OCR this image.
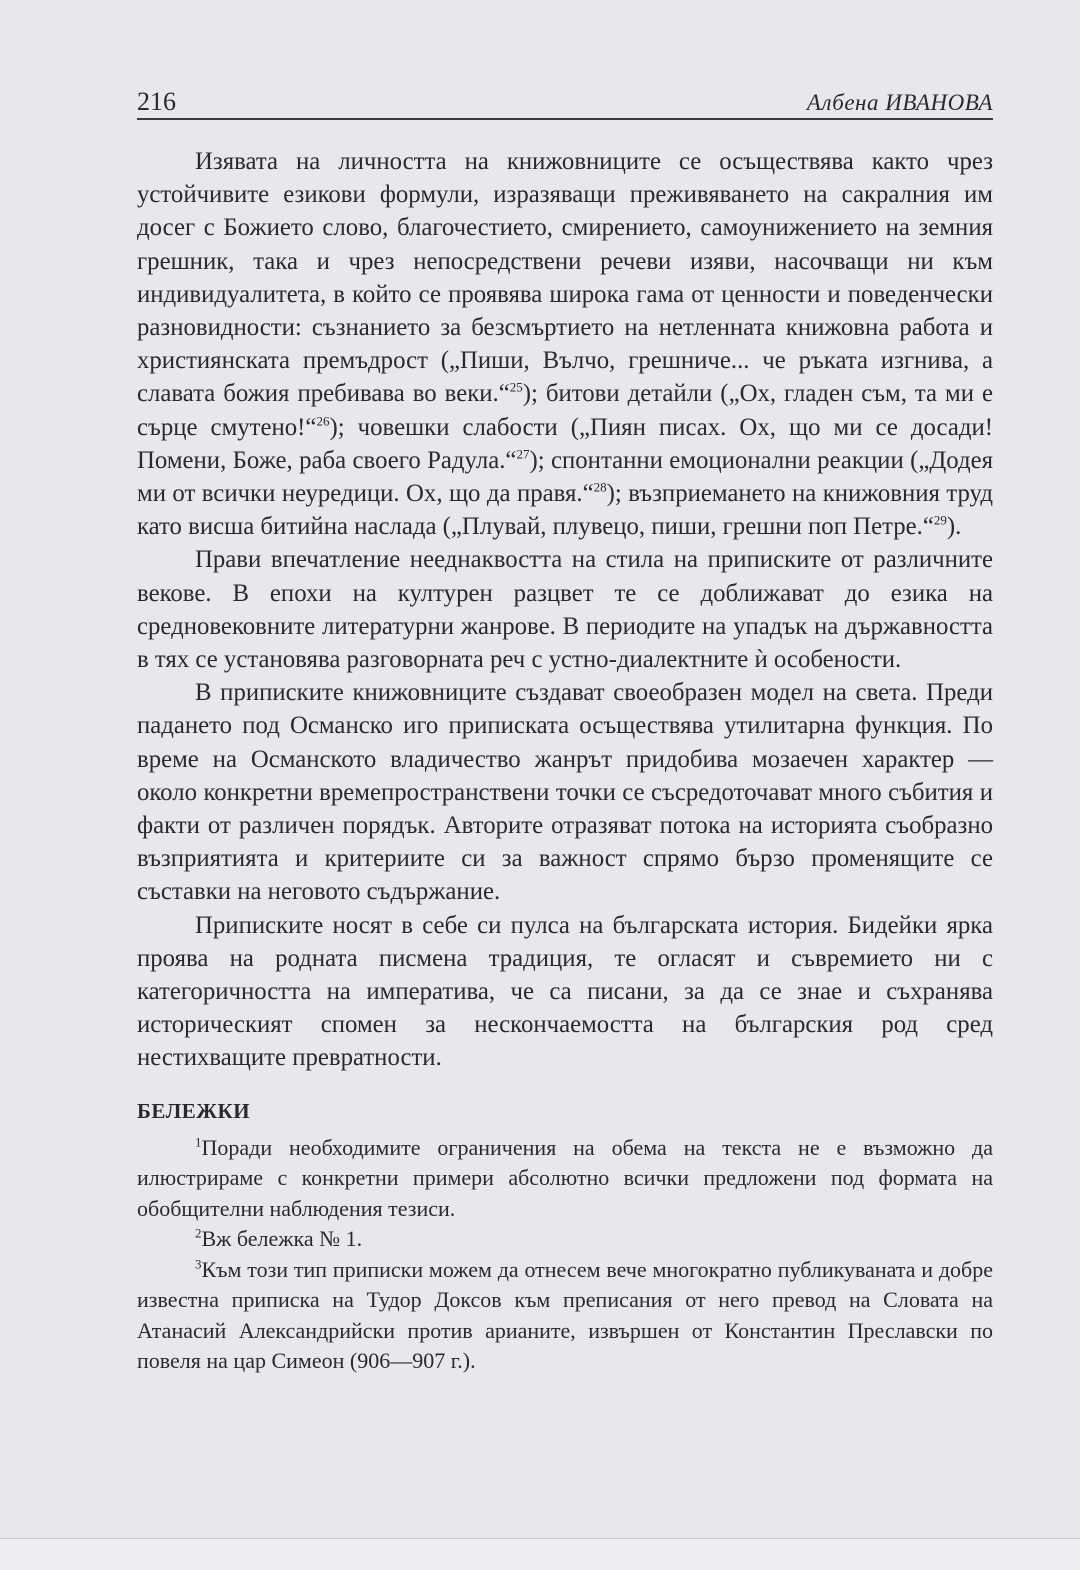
216	Албена ИВАНОВА

Изявата на личността на книжовниците се осъществява както чрез устойчивите езикови формули, изразяващи преживяването на сакралния им досег с Божието слово, благочестието, смирението, самоунижението на земния грешник, така и чрез непосредствени речеви изяви, насочващи ни към индивидуалитета, в който се проявява широка гама от ценности и поведенчески разновидности: съзнанието за безсмъртието на нетленната книжовна работа и християнската премъдрост („Пиши, Вълчо, грешниче... че ръката изгнива, а славата божия пребивава во веки.“$^{25}$); битови детайли („Ох, гладен съм, та ми е сърце смутено!“$^{26}$); човешки слабости („Пиян писах. Ох, що ми се досади! Помени, Боже, раба своего Радула.“$^{27}$); спонтанни емоционални реакции („Додея ми от всички неуредици. Ох, що да правя.“$^{28}$); възприемането на книжовния труд като висша битийна наслада („Плувай, плувецо, пиши, грешни поп Петре.“$^{29}$).

Прави впечатление нееднаквостта на стила на приписките от различните векове. В епохи на културен разцвет те се доближават до езика на средновековните литературни жанрове. В периодите на упадък на държавността в тях се установява разговорната реч с устно-диалектните ѝ особености.

В приписките книжовниците създават своеобразен модел на света. Преди падането под Османско иго приписката осъществява утилитарна функция. По време на Османското владичество жанрът придобива мозаечен характер — около конкретни времепространствени точки се съсредоточават много събития и факти от различен порядък. Авторите отразяват потока на историята съобразно възприятията и критериите си за важност спрямо бързо променящите се съставки на неговото съдържание.

Приписките носят в себе си пулса на българската история. Бидейки ярка проява на родната писмена традиция, те огласят и съвремието ни с категоричността на императива, че са писани, за да се знае и съхранява историческият спомен за нескончаемостта на българския род сред нестихващите превратности.

БЕЛЕЖКИ

$^1$Поради необходимите ограничения на обема на текста не е възможно да илюстрираме с конкретни примери абсолютно всички предложени под формата на обобщителни наблюдения тезиси.

$^2$Вж бележка № 1.

$^3$Към този тип приписки можем да отнесем вече многократно публикуваната и добре известна приписка на Тудор Доксов към преписания от него превод на Словата на Атанасий Александрийски против арианите, извършен от Константин Преславски по повеля на цар Симеон (906—907 г.).
